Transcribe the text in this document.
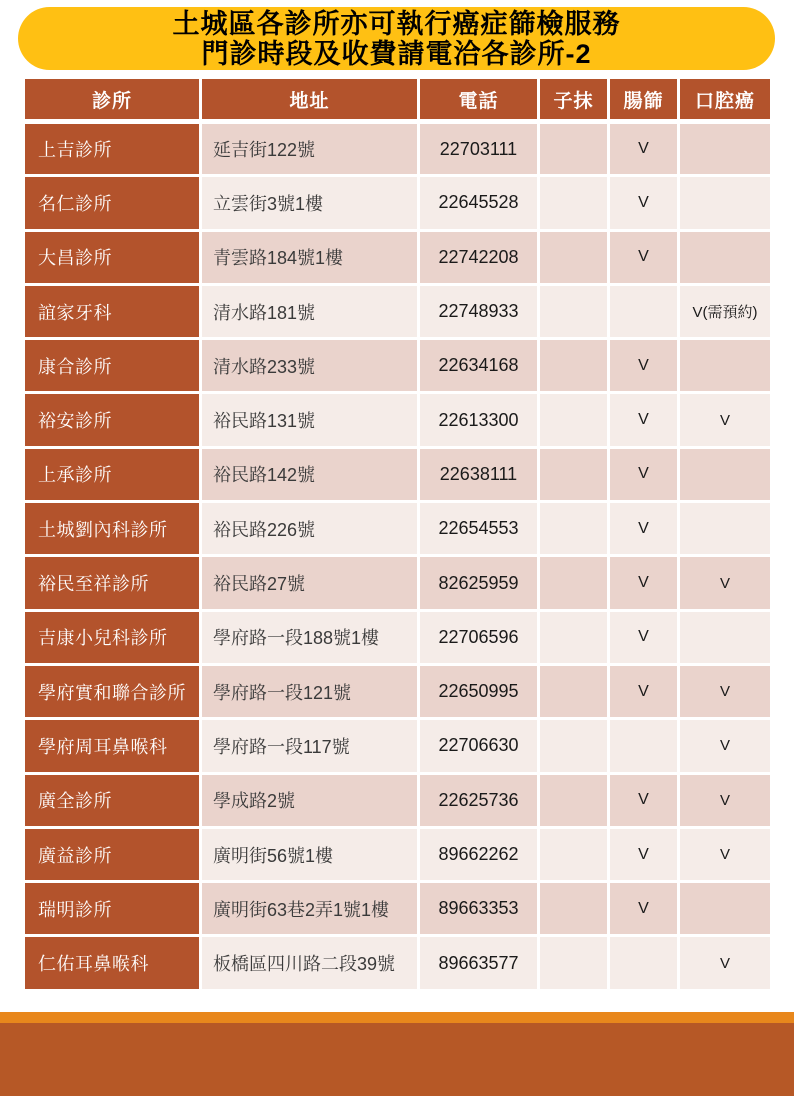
土城區各診所亦可執行癌症篩檢服務
門診時段及收費請電洽各診所-2
診所	地址	電話	子抹	腸篩	口腔癌
上吉診所	延吉街122號	22703111		V	
名仁診所	立雲街3號1樓	22645528		V	
大昌診所	青雲路184號1樓	22742208		V	
誼家牙科	清水路181號	22748933			V(需預約)
康合診所	清水路233號	22634168		V	
裕安診所	裕民路131號	22613300		V	V
上承診所	裕民路142號	22638111		V	
土城劉內科診所	裕民路226號	22654553		V	
裕民至祥診所	裕民路27號	82625959		V	V
吉康小兒科診所	學府路一段188號1樓	22706596		V	
學府實和聯合診所	學府路一段121號	22650995		V	V
學府周耳鼻喉科	學府路一段117號	22706630			V
廣全診所	學成路2號	22625736		V	V
廣益診所	廣明街56號1樓	89662262		V	V
瑞明診所	廣明街63巷2弄1號1樓	89663353		V	
仁佑耳鼻喉科	板橋區四川路二段39號	89663577			V
